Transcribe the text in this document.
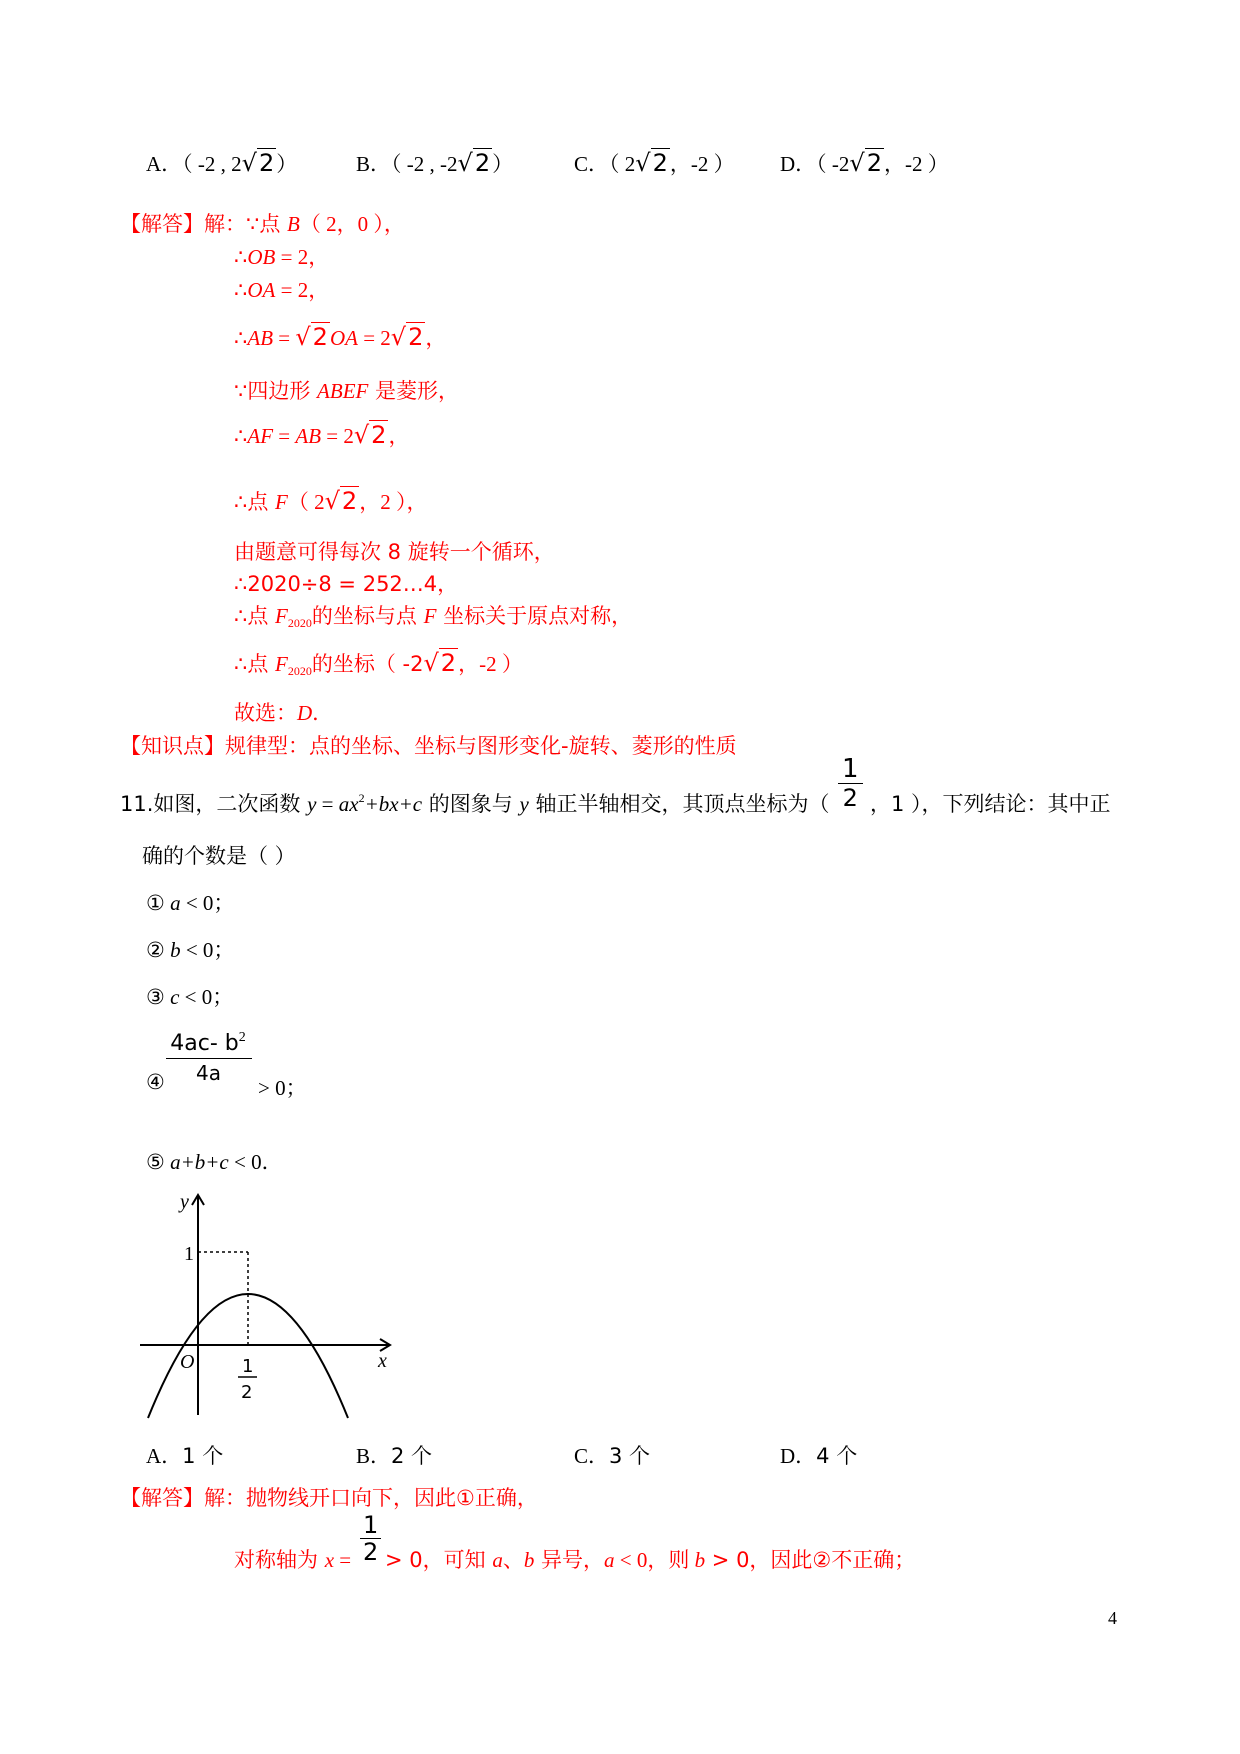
A．（ -2 , 2√2）	B．（ -2 , -2√2）	C．（ 2√2，-2 ） D．（ -2√2，-2 ）
【解答】解：∵点 B（ 2，0 ），
∴OB = 2，
∴OA = 2，
∴AB = √2OA = 2√2，
∵四边形 ABEF 是菱形，
∴AF = AB = 2√2，
∴点 F（ 2√2，2 ），
由题意可得每次 8 旋转一个循环，
∴2020÷8 = 252…4，
∴点 $F_{2020}$的坐标与点 F 坐标关于原点对称，
∴点 $F_{2020}$的坐标（ -2√2，-2 ）
故选：D．
【知识点】规律型：点的坐标、坐标与图形变化-旋转、菱形的性质
11.如图，二次函数 $y = ax^2+bx+c$ 的图象与 y 轴正半轴相交，其顶点坐标为（ $\frac{1}{2}$ ，1 ），下列结论：其中正
确的个数是（ ）
① a < 0；
② b < 0；
③ c < 0；
④
4ac- $b^2$
4a
> 0；
⑤ a+b+c < 0．
y
x
O
1
1
2
A．1 个	B．2 个	C．3 个	D．4 个
【解答】解：抛物线开口向下，因此①正确，
对称轴为 x =  > 0，可知 a、b 异号，a < 0，则 b > 0，因此②不正确；
1
2
4
